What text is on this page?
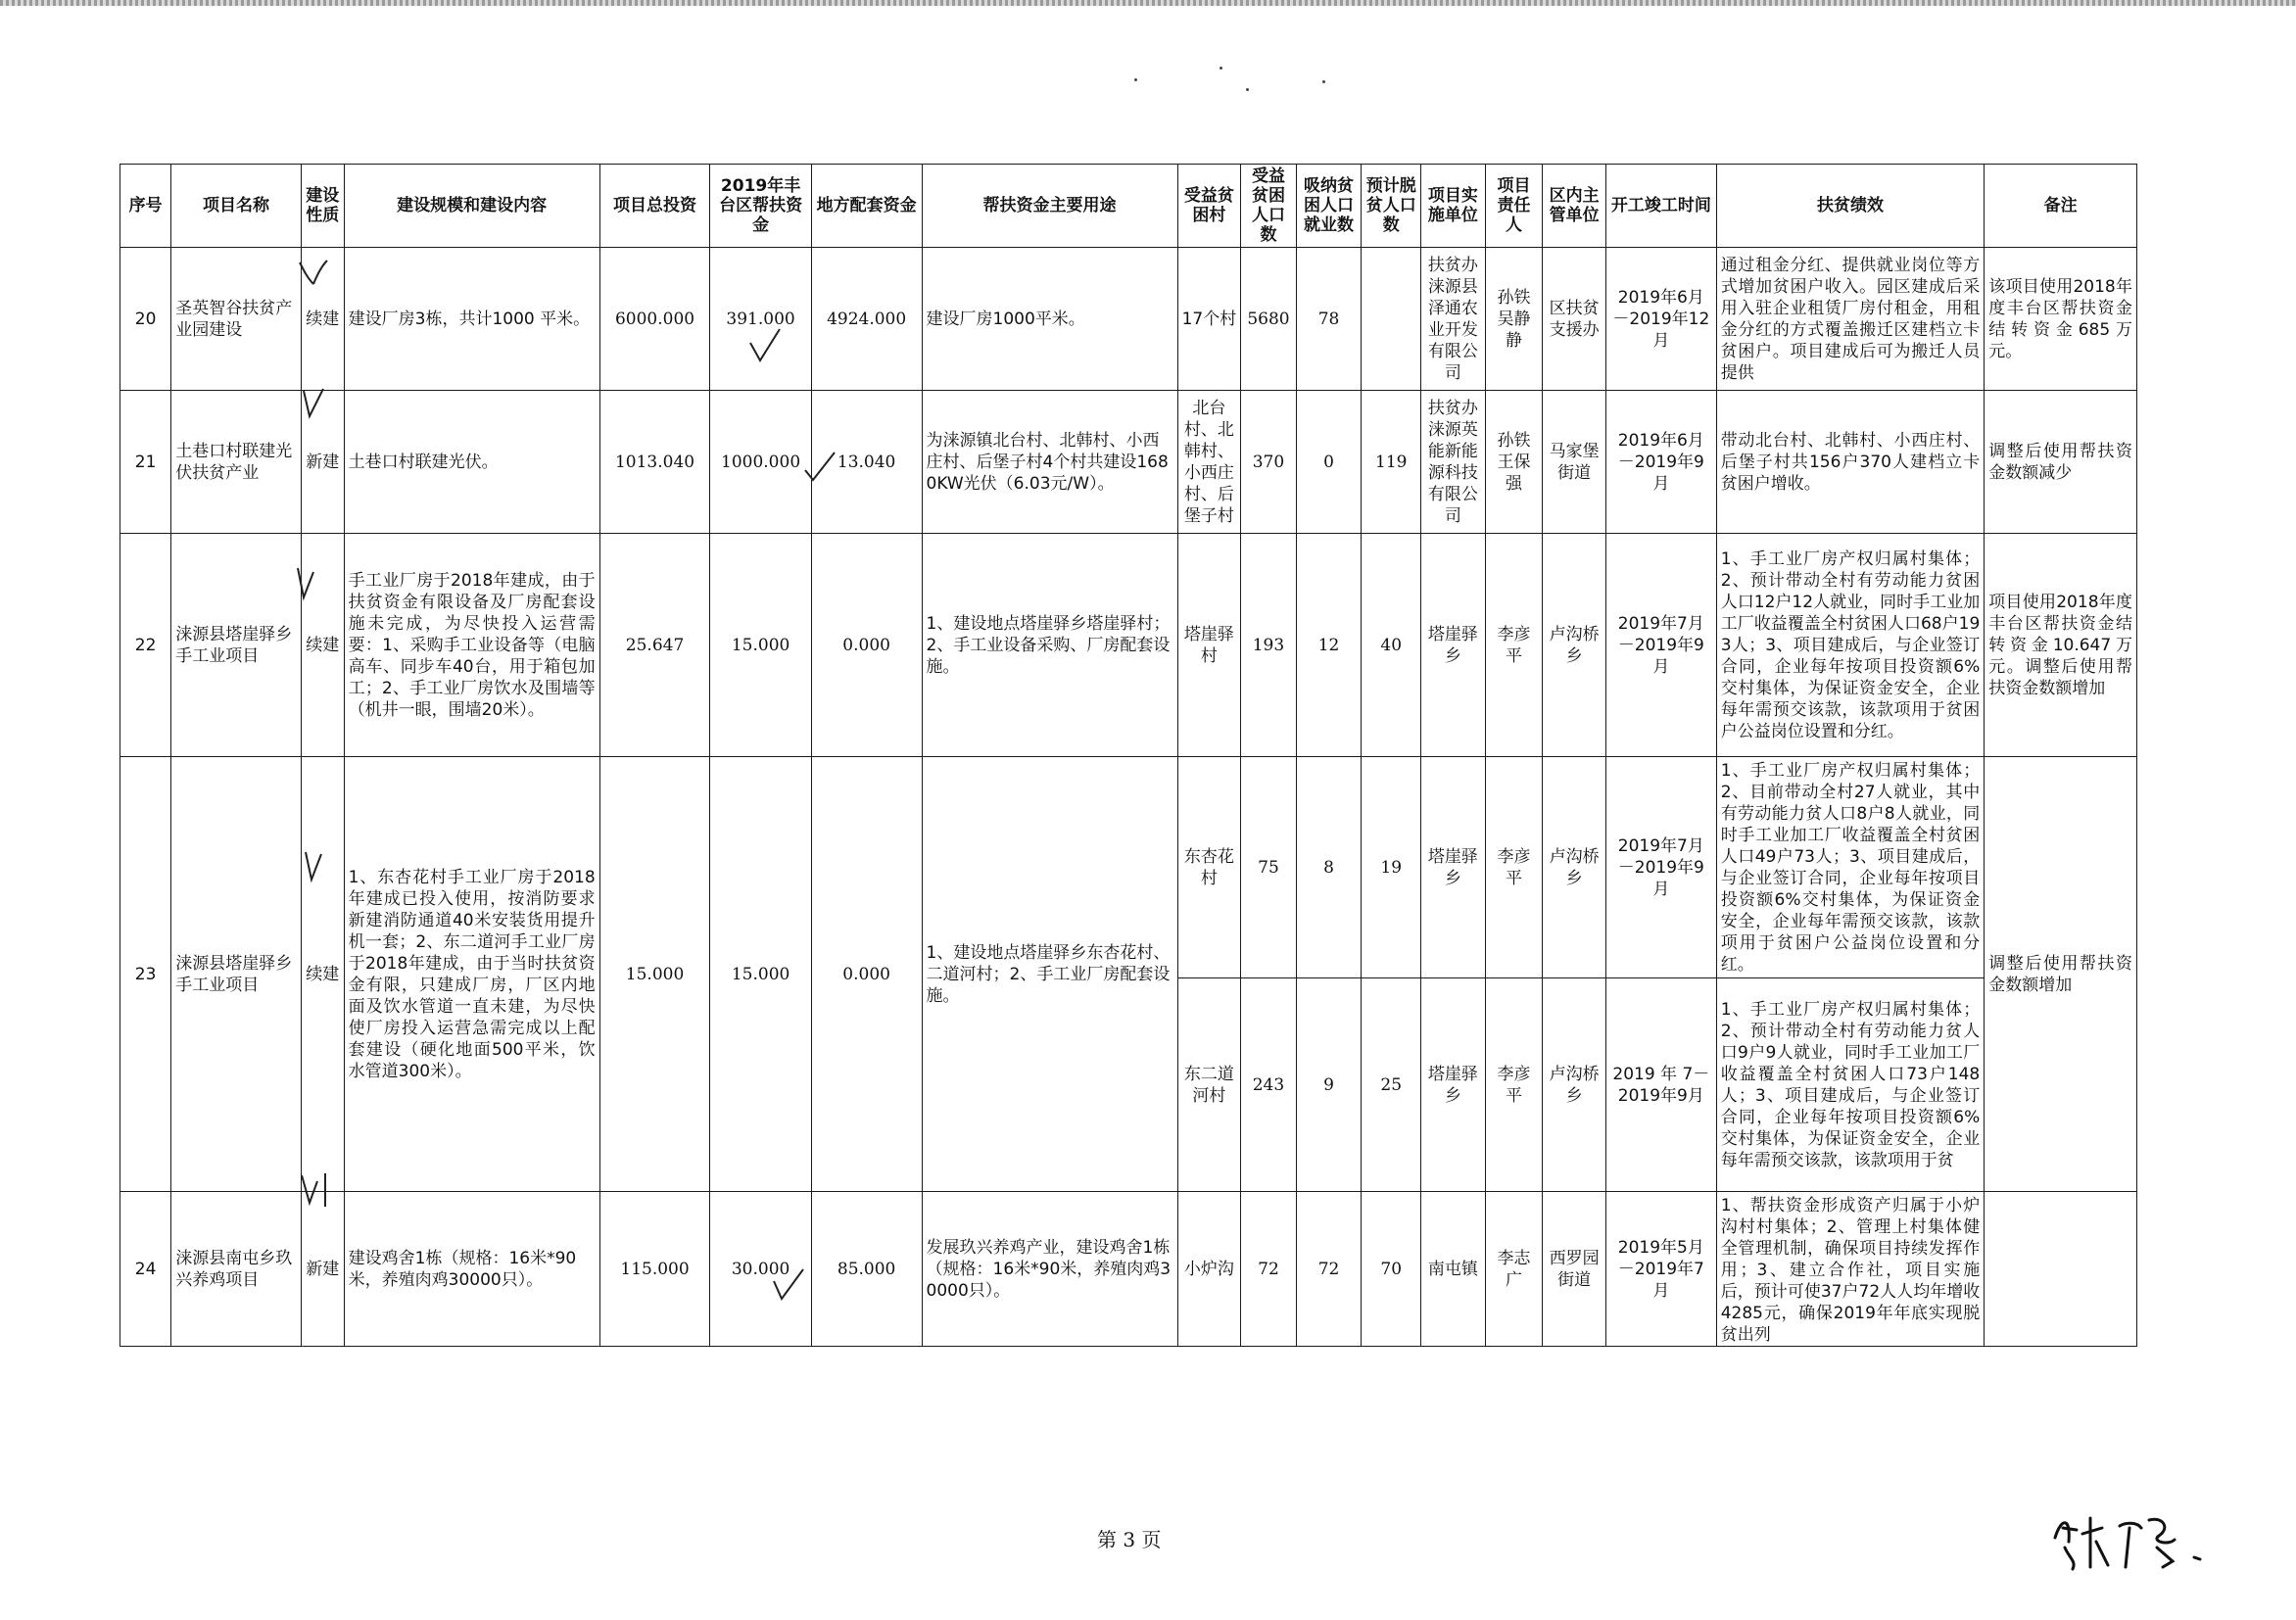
序号	项目名称	建设性质	建设规模和建设内容	项目总投资	2019年丰台区帮扶资金	地方配套资金	帮扶资金主要用途	受益贫困村	受益贫困人口数	吸纳贫困人口就业数	预计脱贫人口数	项目实施单位	项目责任人	区内主管单位	开工竣工时间	扶贫绩效	备注
20	圣英智谷扶贫产业园建设	续建	建设厂房3栋，共计1000 平米。	6000.000	391.000	4924.000	建设厂房1000平米。	17个村	5680	78		扶贫办涞源县泽通农业开发有限公司	孙铁吴静静	区扶贫支援办	2019年6月－2019年12月	通过租金分红、提供就业岗位等方式增加贫困户收入。园区建成后采用入驻企业租赁厂房付租金，用租金分红的方式覆盖搬迁区建档立卡贫困户。项目建成后可为搬迁人员提供	该项目使用2018年度丰台区帮扶资金结转资金685万元。
21	土巷口村联建光伏扶贫产业	新建	土巷口村联建光伏。	1013.040	1000.000	13.040	为涞源镇北台村、北韩村、小西庄村、后堡子村4个村共建设1680KW光伏（6.03元/W）。	北台村、北韩村、小西庄村、后堡子村	370	0	119	扶贫办涞源英能新能源科技有限公司	孙铁王保强	马家堡街道	2019年6月－2019年9月	带动北台村、北韩村、小西庄村、后堡子村共156户370人建档立卡贫困户增收。	调整后使用帮扶资金数额减少
22	涞源县塔崖驿乡手工业项目	续建	手工业厂房于2018年建成，由于扶贫资金有限设备及厂房配套设施未完成，为尽快投入运营需要：1、采购手工业设备等（电脑高车、同步车40台，用于箱包加工；2、手工业厂房饮水及围墙等（机井一眼，围墙20米）。	25.647	15.000	0.000	1、建设地点塔崖驿乡塔崖驿村；2、手工业设备采购、厂房配套设施。	塔崖驿村	193	12	40	塔崖驿乡	李彦平	卢沟桥乡	2019年7月－2019年9月	1、手工业厂房产权归属村集体；2、预计带动全村有劳动能力贫困人口12户12人就业，同时手工业加工厂收益覆盖全村贫困人口68户193人；3、项目建成后，与企业签订合同，企业每年按项目投资额6%交村集体，为保证资金安全，企业每年需预交该款，该款项用于贫困户公益岗位设置和分红。	项目使用2018年度丰台区帮扶资金结转资金10.647万元。调整后使用帮扶资金数额增加
23	涞源县塔崖驿乡手工业项目	续建	1、东杏花村手工业厂房于2018年建成已投入使用，按消防要求新建消防通道40米安装货用提升机一套；2、东二道河手工业厂房于2018年建成，由于当时扶贫资金有限，只建成厂房，厂区内地面及饮水管道一直未建，为尽快使厂房投入运营急需完成以上配套建设（硬化地面500平米，饮水管道300米）。	15.000	15.000	0.000	1、建设地点塔崖驿乡东杏花村、二道河村；2、手工业厂房配套设施。	东杏花村	75	8	19	塔崖驿乡	李彦平	卢沟桥乡	2019年7月－2019年9月	1、手工业厂房产权归属村集体；2、目前带动全村27人就业，其中有劳动能力贫人口8户8人就业，同时手工业加工厂收益覆盖全村贫困人口49户73人；3、项目建成后，与企业签订合同，企业每年按项目投资额6%交村集体，为保证资金安全，企业每年需预交该款，该款项用于贫困户公益岗位设置和分红。	调整后使用帮扶资金数额增加
								东二道河村	243	9	25	塔崖驿乡	李彦平	卢沟桥乡	2019 年 7－2019年9月	1、手工业厂房产权归属村集体；2、预计带动全村有劳动能力贫人口9户9人就业，同时手工业加工厂收益覆盖全村贫困人口73户148人；3、项目建成后，与企业签订合同，企业每年按项目投资额6%交村集体，为保证资金安全，企业每年需预交该款，该款项用于贫	

24	涞源县南屯乡玖兴养鸡项目	新建	建设鸡舍1栋（规格：16米*90米，养殖肉鸡30000只）。	115.000	30.000	85.000	发展玖兴养鸡产业，建设鸡舍1栋（规格：16米*90米，养殖肉鸡30000只）。	小炉沟	72	72	70	南屯镇	李志广	西罗园街道	2019年5月－2019年7月	1、帮扶资金形成资产归属于小炉沟村村集体；2、管理上村集体健全管理机制，确保项目持续发挥作用；3、建立合作社，项目实施后，预计可使37户72人人均年增收4285元，确保2019年年底实现脱贫出列	

第 3 页
